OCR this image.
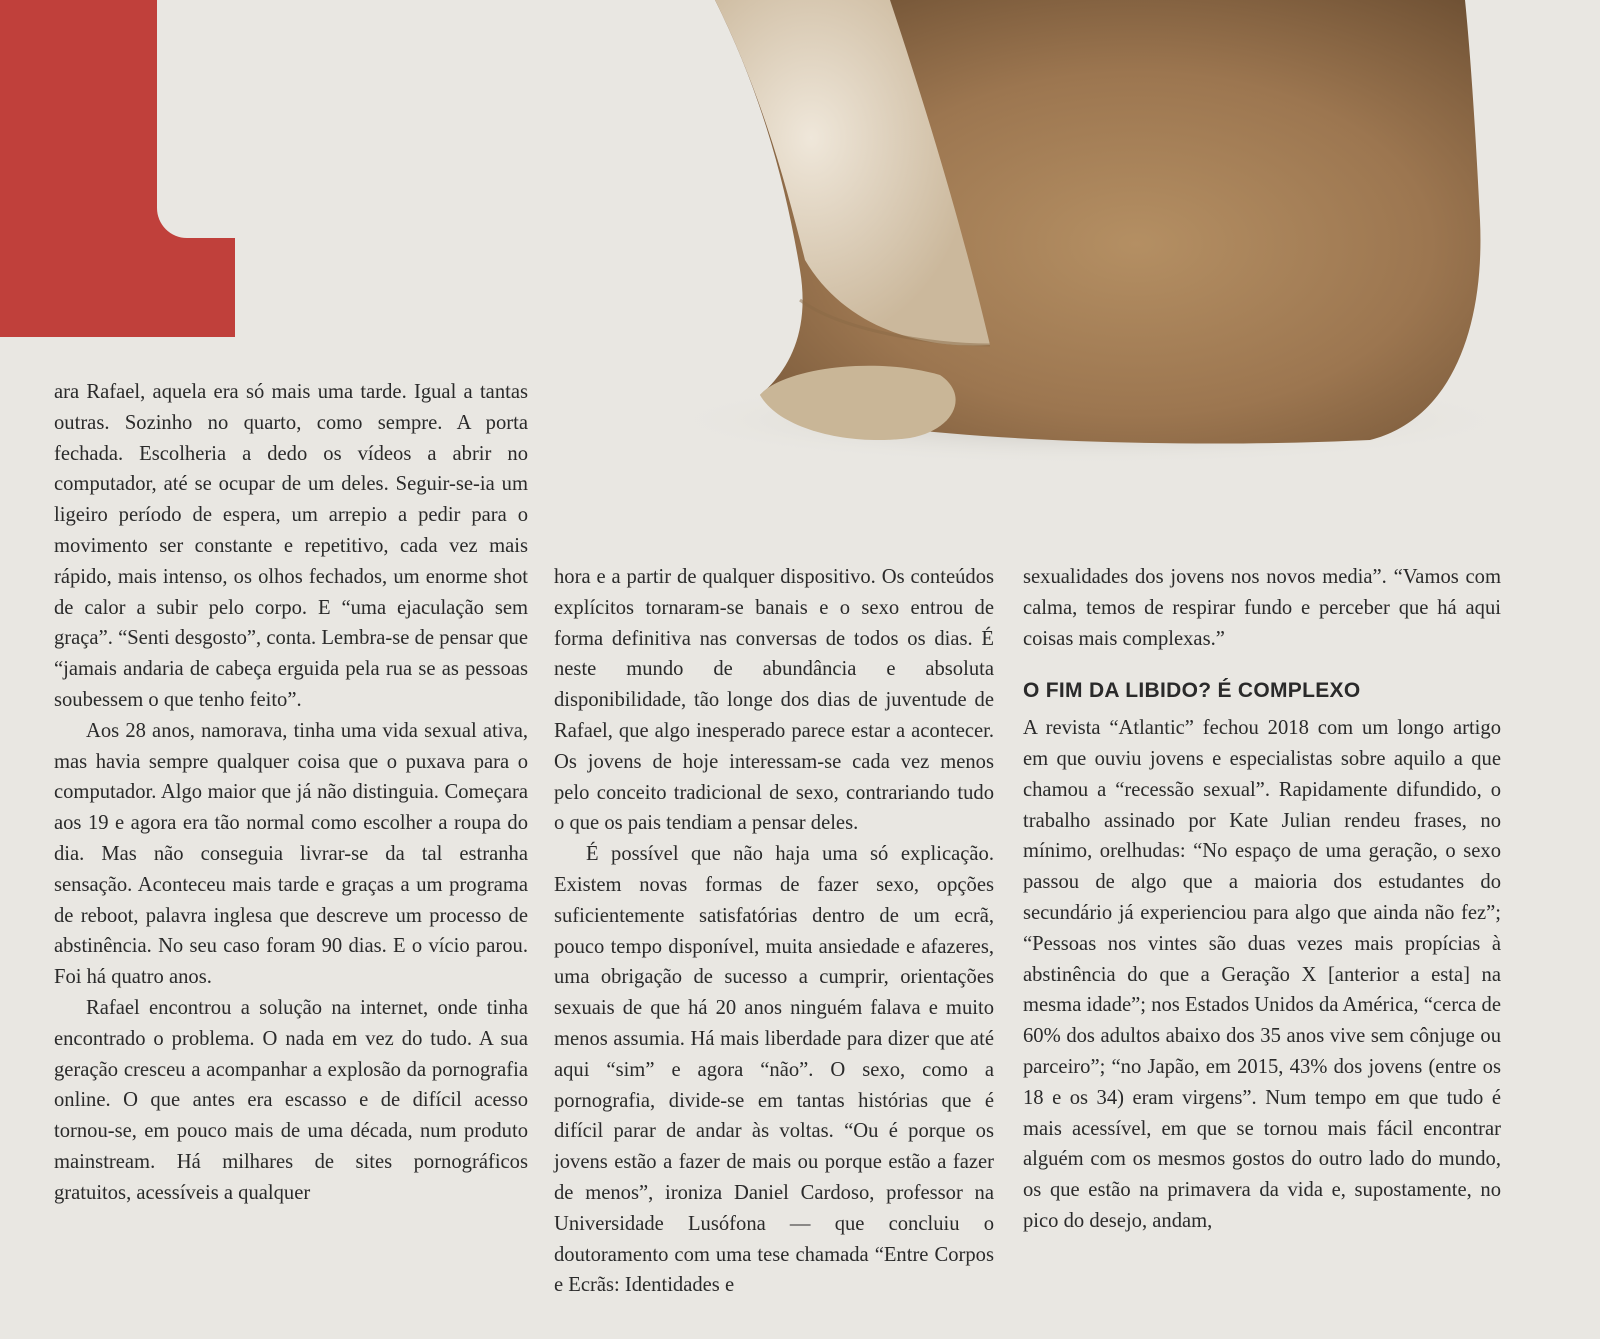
ara Rafael, aquela era só mais uma tarde. Igual a tantas outras. Sozinho no quarto, como sempre. A porta fechada. Escolheria a dedo os vídeos a abrir no computador, até se ocupar de um deles. Seguir-se-ia um ligeiro período de espera, um arrepio a pedir para o movimento ser constante e repetitivo, cada vez mais rápido, mais intenso, os olhos fechados, um enorme shot de calor a subir pelo corpo. E “uma ejaculação sem graça”. “Senti desgosto”, conta. Lembra-se de pensar que “jamais andaria de cabeça erguida pela rua se as pessoas soubessem o que tenho feito”.

Aos 28 anos, namorava, tinha uma vida sexual ativa, mas havia sempre qualquer coisa que o puxava para o computador. Algo maior que já não distinguia. Começara aos 19 e agora era tão normal como escolher a roupa do dia. Mas não conseguia livrar-se da tal estranha sensação. Aconteceu mais tarde e graças a um programa de reboot, palavra inglesa que descreve um processo de abstinência. No seu caso foram 90 dias. E o vício parou. Foi há quatro anos.

Rafael encontrou a solução na internet, onde tinha encontrado o problema. O nada em vez do tudo. A sua geração cresceu a acompanhar a explosão da pornografia online. O que antes era escasso e de difícil acesso tornou-se, em pouco mais de uma década, num produto mainstream. Há milhares de sites pornográficos gratuitos, acessíveis a qualquer

hora e a partir de qualquer dispositivo. Os conteúdos explícitos tornaram-se banais e o sexo entrou de forma definitiva nas conversas de todos os dias. É neste mundo de abundância e absoluta disponibilidade, tão longe dos dias de juventude de Rafael, que algo inesperado parece estar a acontecer. Os jovens de hoje interessam-se cada vez menos pelo conceito tradicional de sexo, contrariando tudo o que os pais tendiam a pensar deles.

É possível que não haja uma só explicação. Existem novas formas de fazer sexo, opções suficientemente satisfatórias dentro de um ecrã, pouco tempo disponível, muita ansiedade e afazeres, uma obrigação de sucesso a cumprir, orientações sexuais de que há 20 anos ninguém falava e muito menos assumia. Há mais liberdade para dizer que até aqui “sim” e agora “não”. O sexo, como a pornografia, divide-se em tantas histórias que é difícil parar de andar às voltas. “Ou é porque os jovens estão a fazer de mais ou porque estão a fazer de menos”, ironiza Daniel Cardoso, professor na Universidade Lusófona — que concluiu o doutoramento com uma tese chamada “Entre Corpos e Ecrãs: Identidades e

sexualidades dos jovens nos novos media”. “Vamos com calma, temos de respirar fundo e perceber que há aqui coisas mais complexas.”

O FIM DA LIBIDO? É COMPLEXO

A revista “Atlantic” fechou 2018 com um longo artigo em que ouviu jovens e especialistas sobre aquilo a que chamou a “recessão sexual”. Rapidamente difundido, o trabalho assinado por Kate Julian rendeu frases, no mínimo, orelhudas: “No espaço de uma geração, o sexo passou de algo que a maioria dos estudantes do secundário já experienciou para algo que ainda não fez”; “Pessoas nos vintes são duas vezes mais propícias à abstinência do que a Geração X [anterior a esta] na mesma idade”; nos Estados Unidos da América, “cerca de 60% dos adultos abaixo dos 35 anos vive sem cônjuge ou parceiro”; “no Japão, em 2015, 43% dos jovens (entre os 18 e os 34) eram virgens”. Num tempo em que tudo é mais acessível, em que se tornou mais fácil encontrar alguém com os mesmos gostos do outro lado do mundo, os que estão na primavera da vida e, supostamente, no pico do desejo, andam,
